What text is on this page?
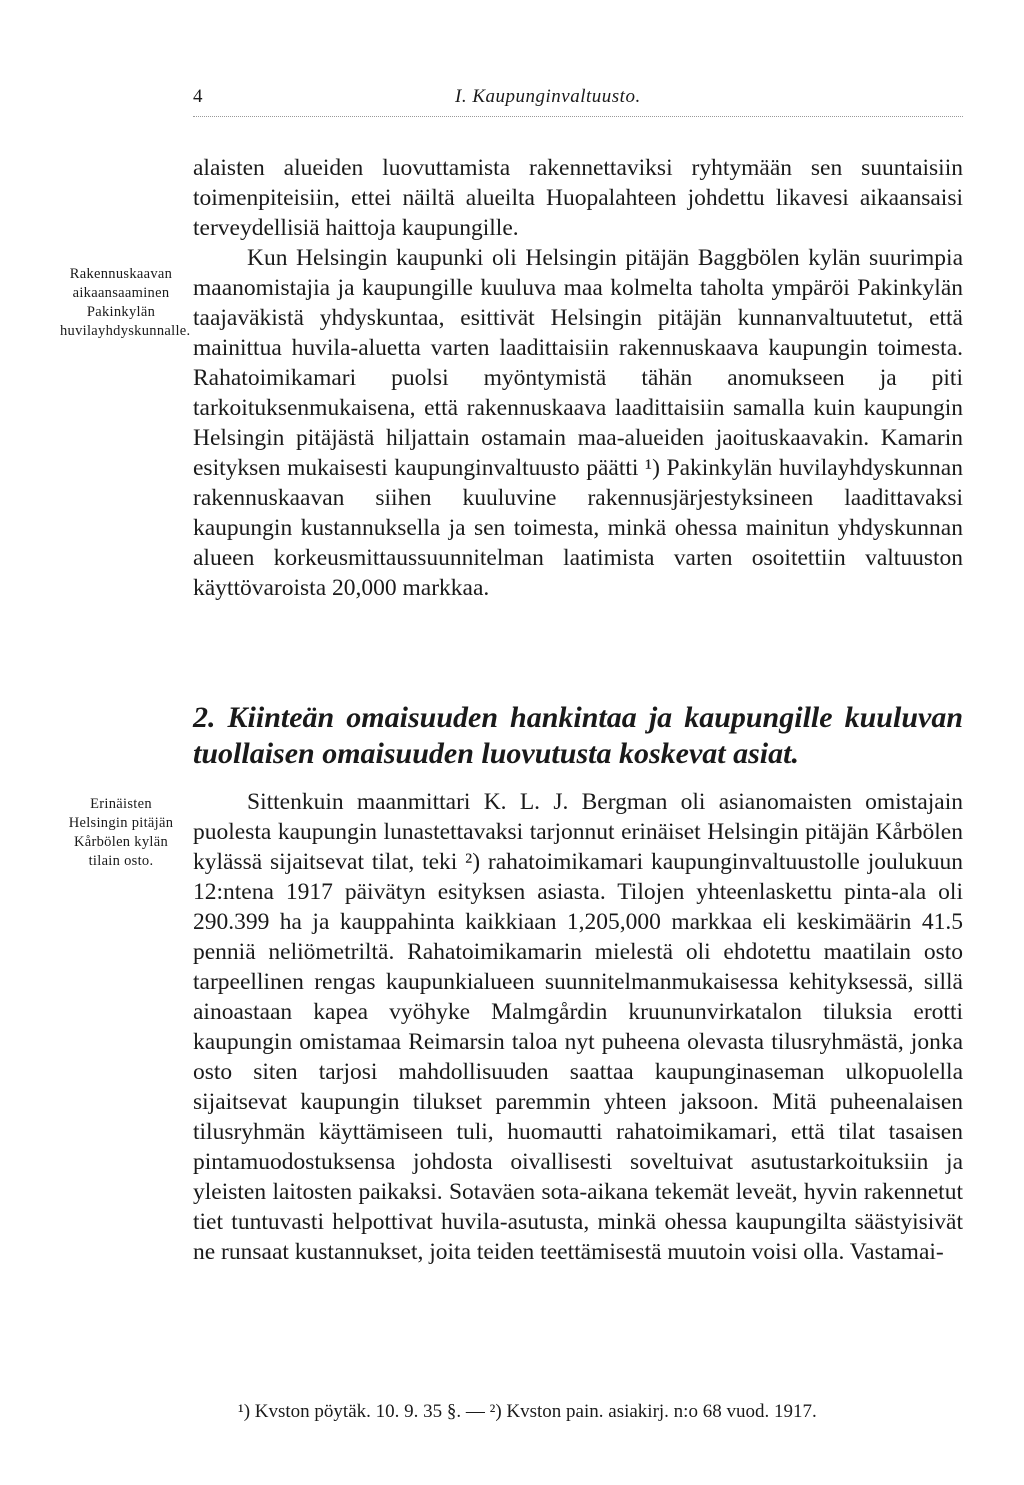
4	I. Kaupunginvaltuusto.
Rakennuskaavan aikaansaaminen Pakinkylän huvilayhdyskunnalle.

alaisten alueiden luovuttamista rakennettaviksi ryhtymään sen suuntaisiin toimenpiteisiin, ettei näiltä alueilta Huopalahteen johdettu likavesi aikaansaisi terveydellisiä haittoja kaupungille.

Kun Helsingin kaupunki oli Helsingin pitäjän Baggbölen kylän suurimpia maanomistajia ja kaupungille kuuluva maa kolmelta taholta ympäröi Pakinkylän taajaväkistä yhdyskuntaa, esittivät Helsingin pitäjän kunnanvaltuutetut, että mainittua huvila-aluetta varten laadittaisiin rakennuskaava kaupungin toimesta. Rahatoimikamari puolsi myöntymistä tähän anomukseen ja piti tarkoituksenmukaisena, että rakennuskaava laadittaisiin samalla kuin kaupungin Helsingin pitäjästä hiljattain ostamain maa-alueiden jaoituskaavakin. Kamarin esityksen mukaisesti kaupunginvaltuusto päätti ¹) Pakinkylän huvilayhdyskunnan rakennuskaavan siihen kuuluvine rakennusjärjestyksineen laadittavaksi kaupungin kustannuksella ja sen toimesta, minkä ohessa mainitun yhdyskunnan alueen korkeusmittaussuunnitelman laatimista varten osoitettiin valtuuston käyttövaroista 20,000 markkaa.

2. Kiinteän omaisuuden hankintaa ja kaupungille kuuluvan tuollaisen omaisuuden luovutusta koskevat asiat.
Erinäisten Helsingin pitäjän Kårbölen kylän tilain osto.

Sittenkuin maanmittari K. L. J. Bergman oli asianomaisten omistajain puolesta kaupungin lunastettavaksi tarjonnut erinäiset Helsingin pitäjän Kårbölen kylässä sijaitsevat tilat, teki ²) rahatoimikamari kaupunginvaltuustolle joulukuun 12:ntena 1917 päivätyn esityksen asiasta. Tilojen yhteenlaskettu pinta-ala oli 290.399 ha ja kauppahinta kaikkiaan 1,205,000 markkaa eli keskimäärin 41.5 penniä neliömetriltä. Rahatoimikamarin mielestä oli ehdotettu maatilain osto tarpeellinen rengas kaupunkialueen suunnitelmanmukaisessa kehityksessä, sillä ainoastaan kapea vyöhyke Malmgårdin kruununvirkatalon tiluksia erotti kaupungin omistamaa Reimarsin taloa nyt puheena olevasta tilusryhmästä, jonka osto siten tarjosi mahdollisuuden saattaa kaupunginaseman ulkopuolella sijaitsevat kaupungin tilukset paremmin yhteen jaksoon. Mitä puheenalaisen tilusryhmän käyttämiseen tuli, huomautti rahatoimikamari, että tilat tasaisen pintamuodostuksensa johdosta oivallisesti soveltuivat asutustarkoituksiin ja yleisten laitosten paikaksi. Sotaväen sota-aikana tekemät leveät, hyvin rakennetut tiet tuntuvasti helpottivat huvila-asutusta, minkä ohessa kaupungilta säästyisivät ne runsaat kustannukset, joita teiden teettämisestä muutoin voisi olla. Vastamai-

¹) Kvston pöytäk. 10. 9. 35 §. — ²) Kvston pain. asiakirj. n:o 68 vuod. 1917.
